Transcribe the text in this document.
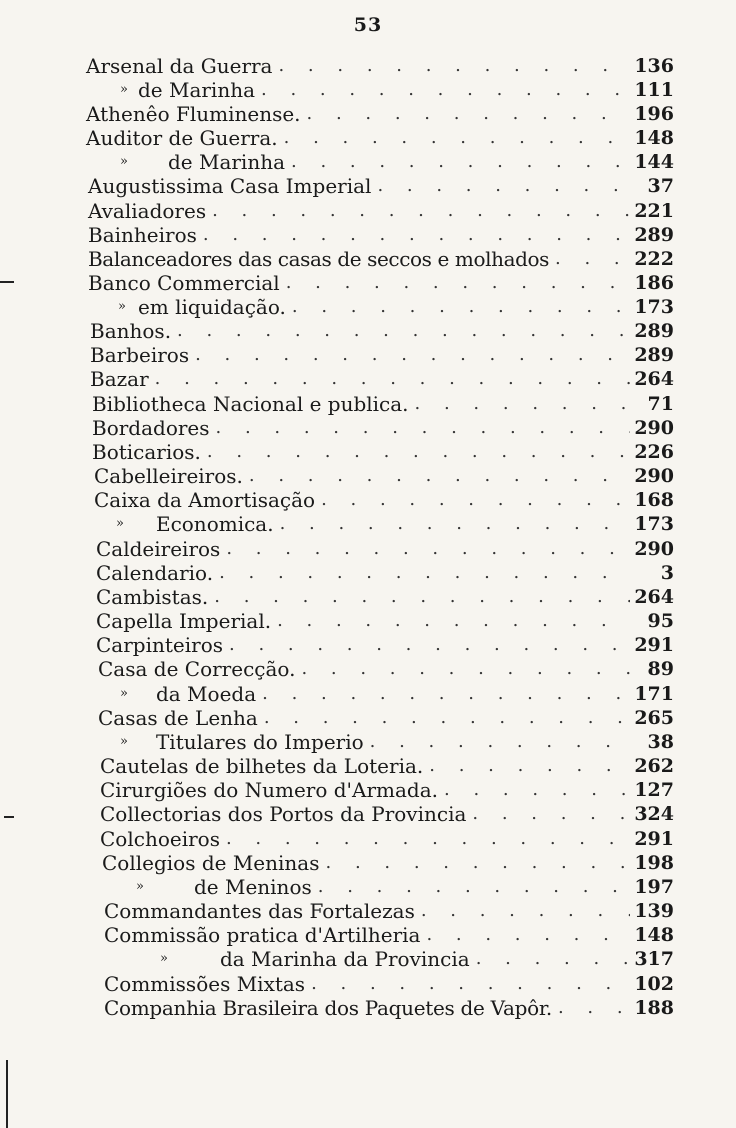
53
Arsenal da Guerra . . .	136
» de Marinha . . .	111
Athenêo Fluminense. . . .	196
Auditor de Guerra. . . .	148
» de Marinha . . .	144
Augustissima Casa Imperial . . .	37
Avaliadores . . .	221
Bainheiros . . .	289
Balanceadores das casas de seccos e molhados . . .	222
Banco Commercial . . .	186
» em liquidação. . . .	173
Banhos. . . .	289
Barbeiros . . .	289
Bazar . . .	264
Bibliotheca Nacional e publica. . . .	71
Bordadores . . .	290
Boticarios. . . .	226
Cabelleireiros. . . .	290
Caixa da Amortisação . . .	168
» Economica. . . .	173
Caldeireiros . . .	290
Calendario. . . .	3
Cambistas. . . .	264
Capella Imperial. . . .	95
Carpinteiros . . .	291
Casa de Correcção. . . .	89
» da Moeda . . .	171
Casas de Lenha . . .	265
» Titulares do Imperio . . .	38
Cautelas de bilhetes da Loteria. . . .	262
Cirurgiões do Numero d'Armada. . . .	127
Collectorias dos Portos da Provincia . . .	324
Colchoeiros . . .	291
Collegios de Meninas . . .	198
»	de Meninos . . .	197
Commandantes das Fortalezas . . .	139
Commissão pratica d'Artilheria . . .	148
»	da Marinha da Provincia . . .	317
Commissões Mixtas . . .	102
Companhia Brasileira dos Paquetes de Vapôr. . . .	188
